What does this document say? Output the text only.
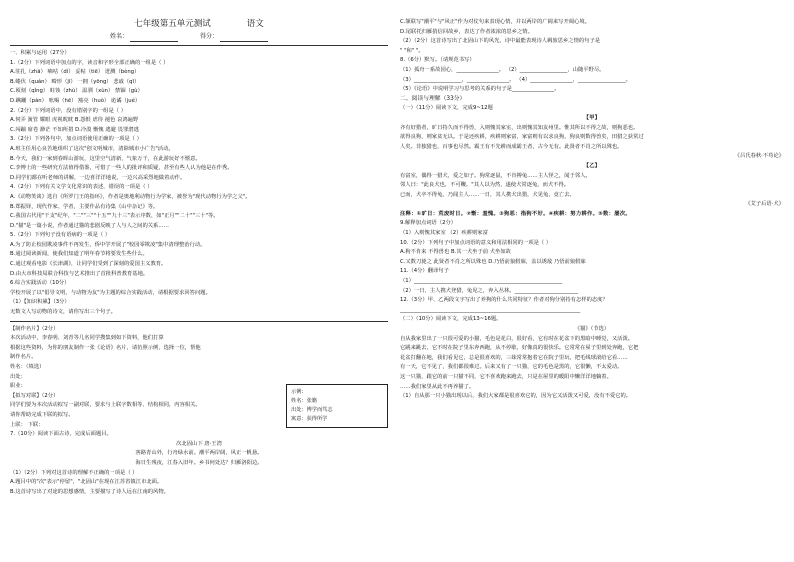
七年级第五单元测试	语文
姓名：	得分：
一、积累与运用（27分）
1.（2分）下列词语中加点的字，读音和字形全部正确的一组是（ ）
A.驻扎（zhā） 嘀咕（dí） 妥帖（tiē） 迸溅（bèng）
B.蜷伏（quán） 畸形（jī） 一拥（yōng） 悲戚（qī）
C.顷刻（qǐng） 蛀蚀（zhù） 温驯（xùn） 禁锢（gù）
D.蹒跚（pán） 吆喝（hē） 豁亮（huò） 诡谲（jué）
2.（2分）下列词语中，没有错别字的一组是（ ）
A.伺弄 簧管 耀眼 虎视眈眈 B.怨恨 虐待 褪色 哀鸿遍野
C.闯蹦 席卷 渺茫 不知所措 D.冷漠 惭愧 逃避 畏罪潜逃
3.（2分）下列各句中，加点词语使用正确的一项是（ ）
A.班主任用心良苦地组织了这次"创文明城市，清除城市小广告"活动。
B.今天，我们一家到春晖山游玩，这里空气清新，气象万千，在此游玩好不惬意。
C.李博士的一些研究方法值得借鉴，可惜了一些人的批评和质疑，甚至有些人认为他是在作秀。
D.同学们都在听老师的讲解，一边喜洋洋地说，一边兴高采烈地做着动作。
4.（2分）下列有关文学文化常识的表述，错误的一项是（ ）
A.《动物笑谈》选自《所罗门王的指环》，作者是奥地利动物行为学家，被誉为"现代动物行为学之父"。
B.郑振铎，现代作家、学者，主要作品有诗集《山中杂记》等。
C.我国古代用"干支"纪年，"二""三""十五""九十三"表示序数，如"正月""二十""三十"等。
D."猫"是一篇小说，作者通过猫的悲剧反映了人与人之间的关系……
5.（2分）下列句子没有语病的一项是（ ）
A.为了防止校园欺凌事件不再发生，侨中学开展了"校园零欺凌"集中清理整治行动。
B.通过阅读新闻，使我们知道了明年春节将要发生些什么。
C.通过观看电影《长津湖》，让同学们受到了深刻的爱国主义教育。
D.由大市科技局联合科技与艺术推出了首批科普教育基地。
6.综合实践活动（10分）
学校开展了以"倡导文明，与动物为友"为主题的综合实践活动，请根据要求回答问题。
（1）【知识积累】（3分）
无数文人写动物的诗文，请你写出三个句子。
【制作名片】（2分）
本次活动中，李春明、刘青等几名同学搜集到如下资料，他们打算
根据这些资料，为你的朋友制作一张《论语》名片，请仿照示例，选择一位，帮他
制作名片。
姓名：（填选）
出处：
职业：
【拟写对联】（2分）
同学们要为本次活动拟写一副对联，要求与上联字数相等、结构相同，内容相关。
请你帮助完成下联的拟写。
上联： 下联：
7.（10分）阅读下面古诗，完成后面题目。
次北固山下 唐·王湾
客路青山外，行舟绿水前。潮平两岸阔，风正一帆悬。
海日生残夜，江春入旧年。乡书何处达？归雁洛阳边。
（1）（2分）下列对这首诗的理解不正确的一项是（ ）
A.题目中的"次"表示"停留"，"北固山"在现在江苏省镇江市北面。
B.这首诗写出了对途的思想感情，主要描写了诗人远在江南的风物。
示例：
姓名：张籍
出处：博学而笃志
寓意：获得所学
C.颔联写"潮平"与"风正"作为对仗句来表现心情，并以两岸的广阔来写开阔心境。
D.尾联托归雁捎信回故乡，表达了作者浓浓的思乡之情。
（2）（2分）这首诗写出了北固山下的风光，诗中最能表现诗人羁旅思乡之情的句子是
" "和" "。
8.（6分）默写。（请规范书写）
（1）孤舟一系故园心，________________。 （2）__________________，山随平野尽。
（3）__________________，________________。 （4）________________，__________________。
（5）《论语》中说明学习与思考的关系的句子是________________。
二、阅读与理解（33分）
（一）（11分）阅读下文，完成9~12题
【甲】
齐有好猎者，旷日持久而不得兽，入则愧其家室，出则愧其知友州里。惟其所以不得之故，则狗恶也。
欲得良狗，则家贫无以。于是还疾耕，疾耕则家富，家富则有以求良狗，狗良则数得兽矣，田猎之获常过
人矣。非独猎也，百事也尽然。霸王有不先耕而成霸王者，古今无有。此贤者不肖之所以殊也。
《吕氏春秋·不苟论》
【乙】
有富室，偶得一猎犬，爱之如子。狗常逐鼠，不肯搏兔……主人怪之，闻于邻人。
邻人曰："此良犬也，不可鞭。"其人以为然，遂使犬常逐兔，而犬不得。
已而，犬卒不得兔，乃闻主人……一日，其人携犬出猎，犬见兔，竟亡去。
《艾子后语·犬》
注释：①旷日：荒废时日。②惭：羞愧。③狗恶：指狗不好。④疾耕：努力耕作。⑤数：屡次。
9.解释加点词语（2分）
（1）入则愧其家室 （2）疾耕则家富
10.（2分）下列句子中加点词语的意义和用法相同的一项是（ ）
A.狗不肯来 不得兽也 B.其一犬坐于前 犬坐如故
C.又数刀毙之 此贤者不肖之所以殊也 D.乃悟前狼假寐，盖以诱敌 乃悟前狼假寐
11.（4分）翻译句子
（1）________________________________________________________
（2）一日，主人携犬登猎，兔见之，奔入丛林。________________________
12.（3分）甲、乙两段文字写出了养狗的什么共同特征？作者对狗分别持有怎样的态度？
____________________________________________________________________
（二）（10分）阅读下文，完成13~16题。
《猫》（节选）
自从我家里出了一只很可爱的小猫，毛色是花白，很好看，它有时在花盆下的黑暗中睡觉，又活泼。
它跳来跳去，它不时在院子里东奔西跑，从不停歇，好像真的很快乐。它常常在屋子里到处奔跑，它把
花盆打翻在地，我们看见它，总是很喜欢的，三妹常常抱着它在院子里玩，把毛线球滚给它看……
有一天，它不见了，我们都很难过。后来又有了一只猫，它的毛色是黑的，它很懒，不太爱动。
这一只猫，跟它的前一只猫不同，它不喜欢跑来跑去，只是在屋里的暖阳中懒洋洋地躺着。
……我们家里从此不再养猫了。
（1）自从那一只小猫出现以后，我们大家都是很喜欢它的，因为它又活泼又可爱，没有不爱它的。
